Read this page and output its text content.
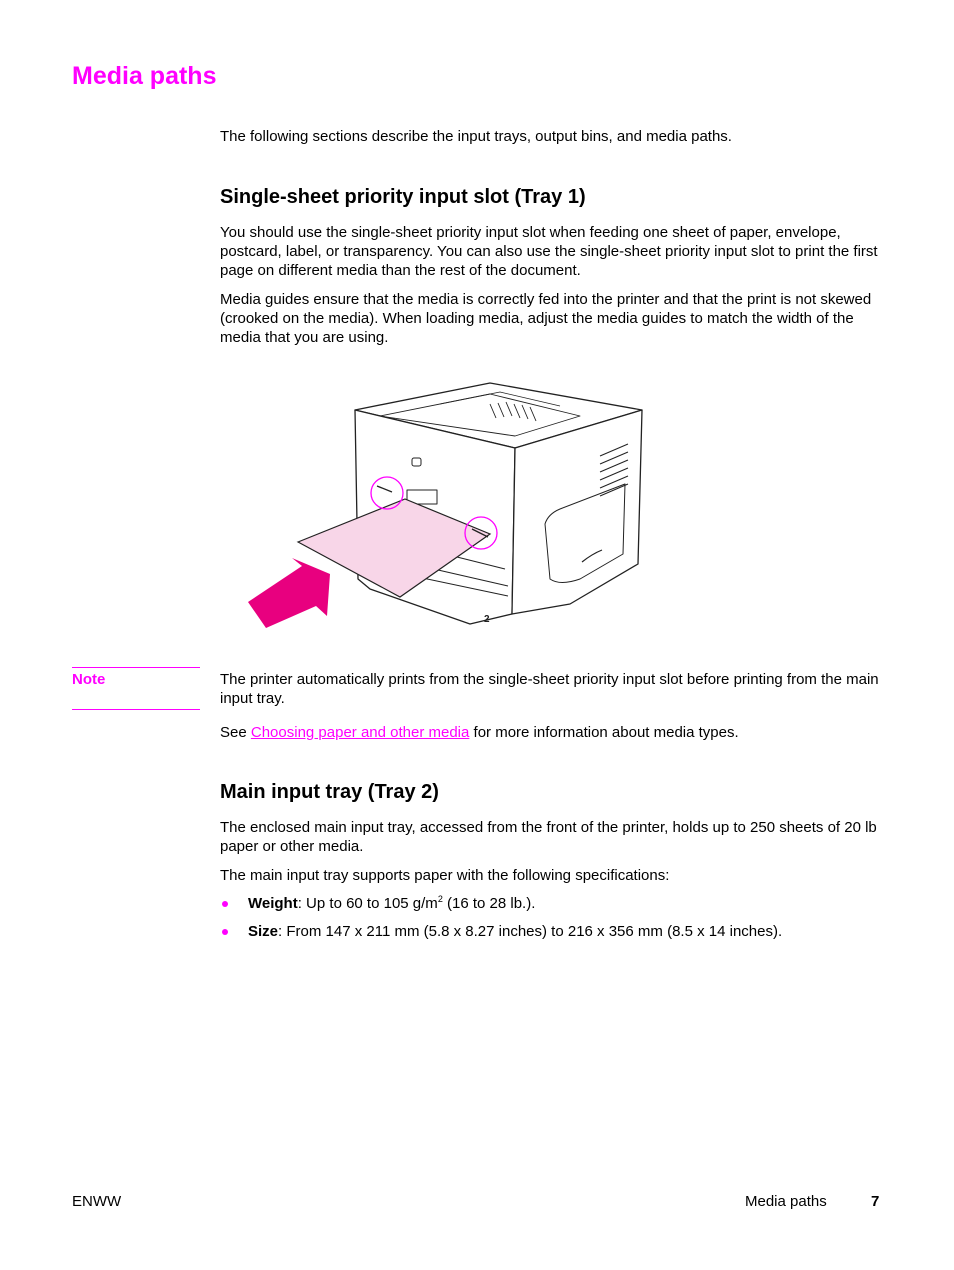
Media paths

The following sections describe the input trays, output bins, and media paths.

Single-sheet priority input slot (Tray 1)

You should use the single-sheet priority input slot when feeding one sheet of paper, envelope, postcard, label, or transparency. You can also use the single-sheet priority input slot to print the first page on different media than the rest of the document.

Media guides ensure that the media is correctly fed into the printer and that the print is not skewed (crooked on the media). When loading media, adjust the media guides to match the width of the media that you are using.

2

Note	The printer automatically prints from the single-sheet priority input slot before printing from the main input tray.

See Choosing paper and other media for more information about media types.

Main input tray (Tray 2)

The enclosed main input tray, accessed from the front of the printer, holds up to 250 sheets of 20 lb paper or other media.

The main input tray supports paper with the following specifications:

Weight: Up to 60 to 105 $g/m^2$ (16 to 28 lb.).
Size: From 147 x 211 mm (5.8 x 8.27 inches) to 216 x 356 mm (8.5 x 14 inches).

ENWW	Media paths	7
